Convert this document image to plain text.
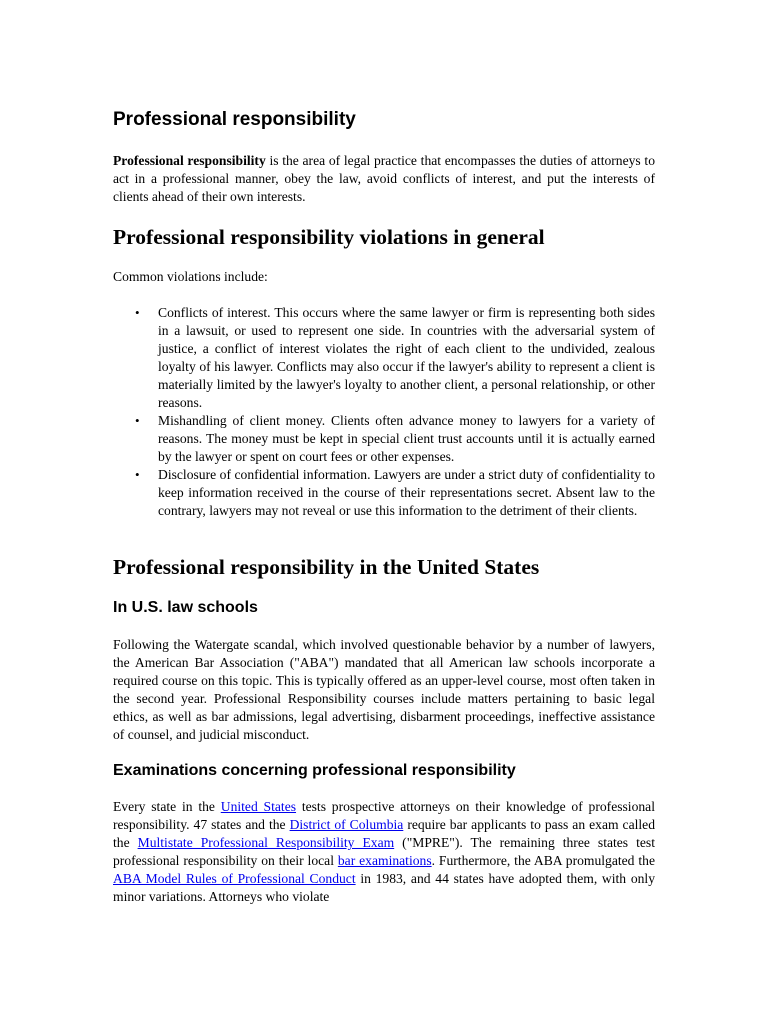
Professional responsibility

Professional responsibility is the area of legal practice that encompasses the duties of attorneys to act in a professional manner, obey the law, avoid conflicts of interest, and put the interests of clients ahead of their own interests.

Professional responsibility violations in general

Common violations include:

• Conflicts of interest. This occurs where the same lawyer or firm is representing both sides in a lawsuit, or used to represent one side. In countries with the adversarial system of justice, a conflict of interest violates the right of each client to the undivided, zealous loyalty of his lawyer. Conflicts may also occur if the lawyer's ability to represent a client is materially limited by the lawyer's loyalty to another client, a personal relationship, or other reasons.
• Mishandling of client money. Clients often advance money to lawyers for a variety of reasons. The money must be kept in special client trust accounts until it is actually earned by the lawyer or spent on court fees or other expenses.
• Disclosure of confidential information. Lawyers are under a strict duty of confidentiality to keep information received in the course of their representations secret. Absent law to the contrary, lawyers may not reveal or use this information to the detriment of their clients.
Professional responsibility in the United States
In U.S. law schools

Following the Watergate scandal, which involved questionable behavior by a number of lawyers, the American Bar Association ("ABA") mandated that all American law schools incorporate a required course on this topic. This is typically offered as an upper-level course, most often taken in the second year. Professional Responsibility courses include matters pertaining to basic legal ethics, as well as bar admissions, legal advertising, disbarment proceedings, ineffective assistance of counsel, and judicial misconduct.

Examinations concerning professional responsibility

Every state in the United States tests prospective attorneys on their knowledge of professional responsibility. 47 states and the District of Columbia require bar applicants to pass an exam called the Multistate Professional Responsibility Exam ("MPRE"). The remaining three states test professional responsibility on their local bar examinations. Furthermore, the ABA promulgated the ABA Model Rules of Professional Conduct in 1983, and 44 states have adopted them, with only minor variations. Attorneys who violate
